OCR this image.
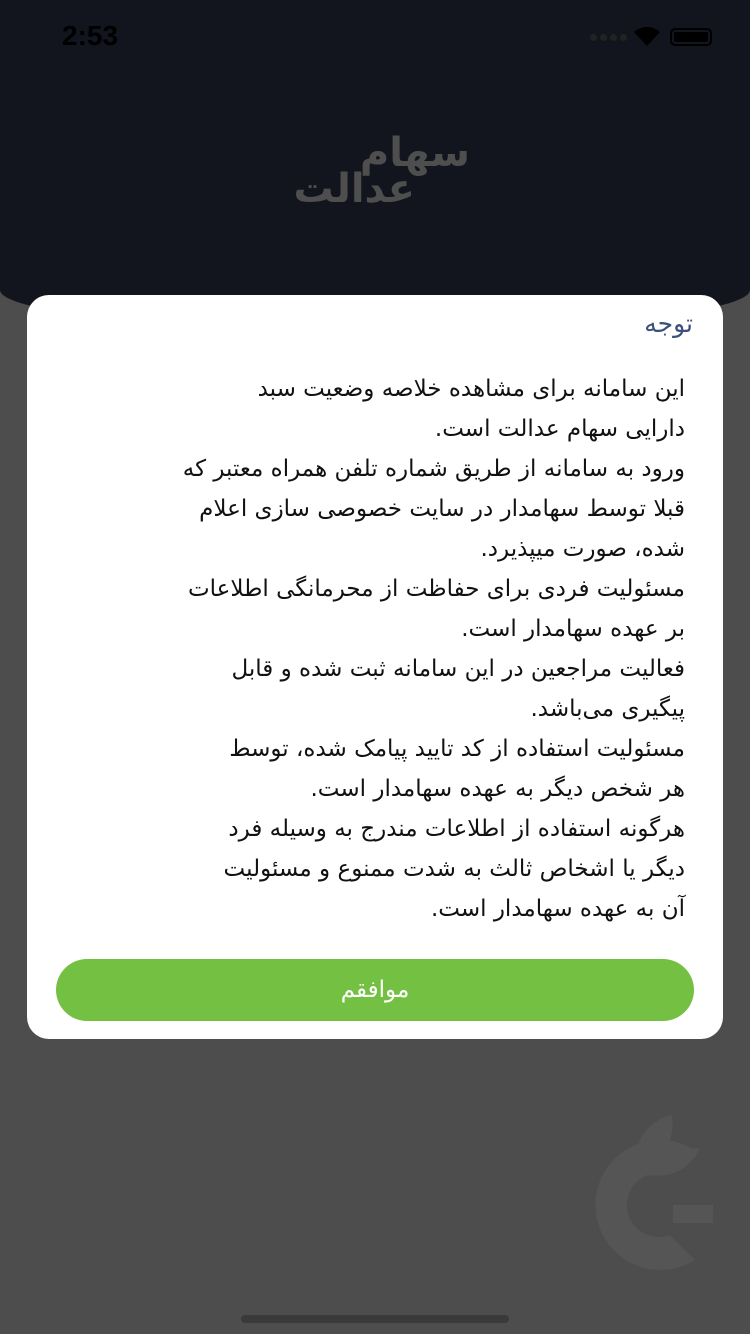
2:53
سهام
عدالت
توجه
این سامانه برای مشاهده خلاصه وضعیت سبد
دارایی سهام عدالت است.
ورود به سامانه از طریق شماره تلفن همراه معتبر که
قبلا توسط سهامدار در سایت خصوصی سازی اعلام
شده، صورت میپذیرد.
مسئولیت فردی برای حفاظت از محرمانگی اطلاعات
بر عهده سهامدار است.
فعالیت مراجعین در این سامانه ثبت شده و قابل
پیگیری می‌باشد.
مسئولیت استفاده از کد تایید پیامک شده، توسط
هر شخص دیگر به عهده سهامدار است.
هرگونه استفاده از اطلاعات مندرج به وسیله فرد
دیگر یا اشخاص ثالث به شدت ممنوع و مسئولیت
آن به عهده سهامدار است.
موافقم
